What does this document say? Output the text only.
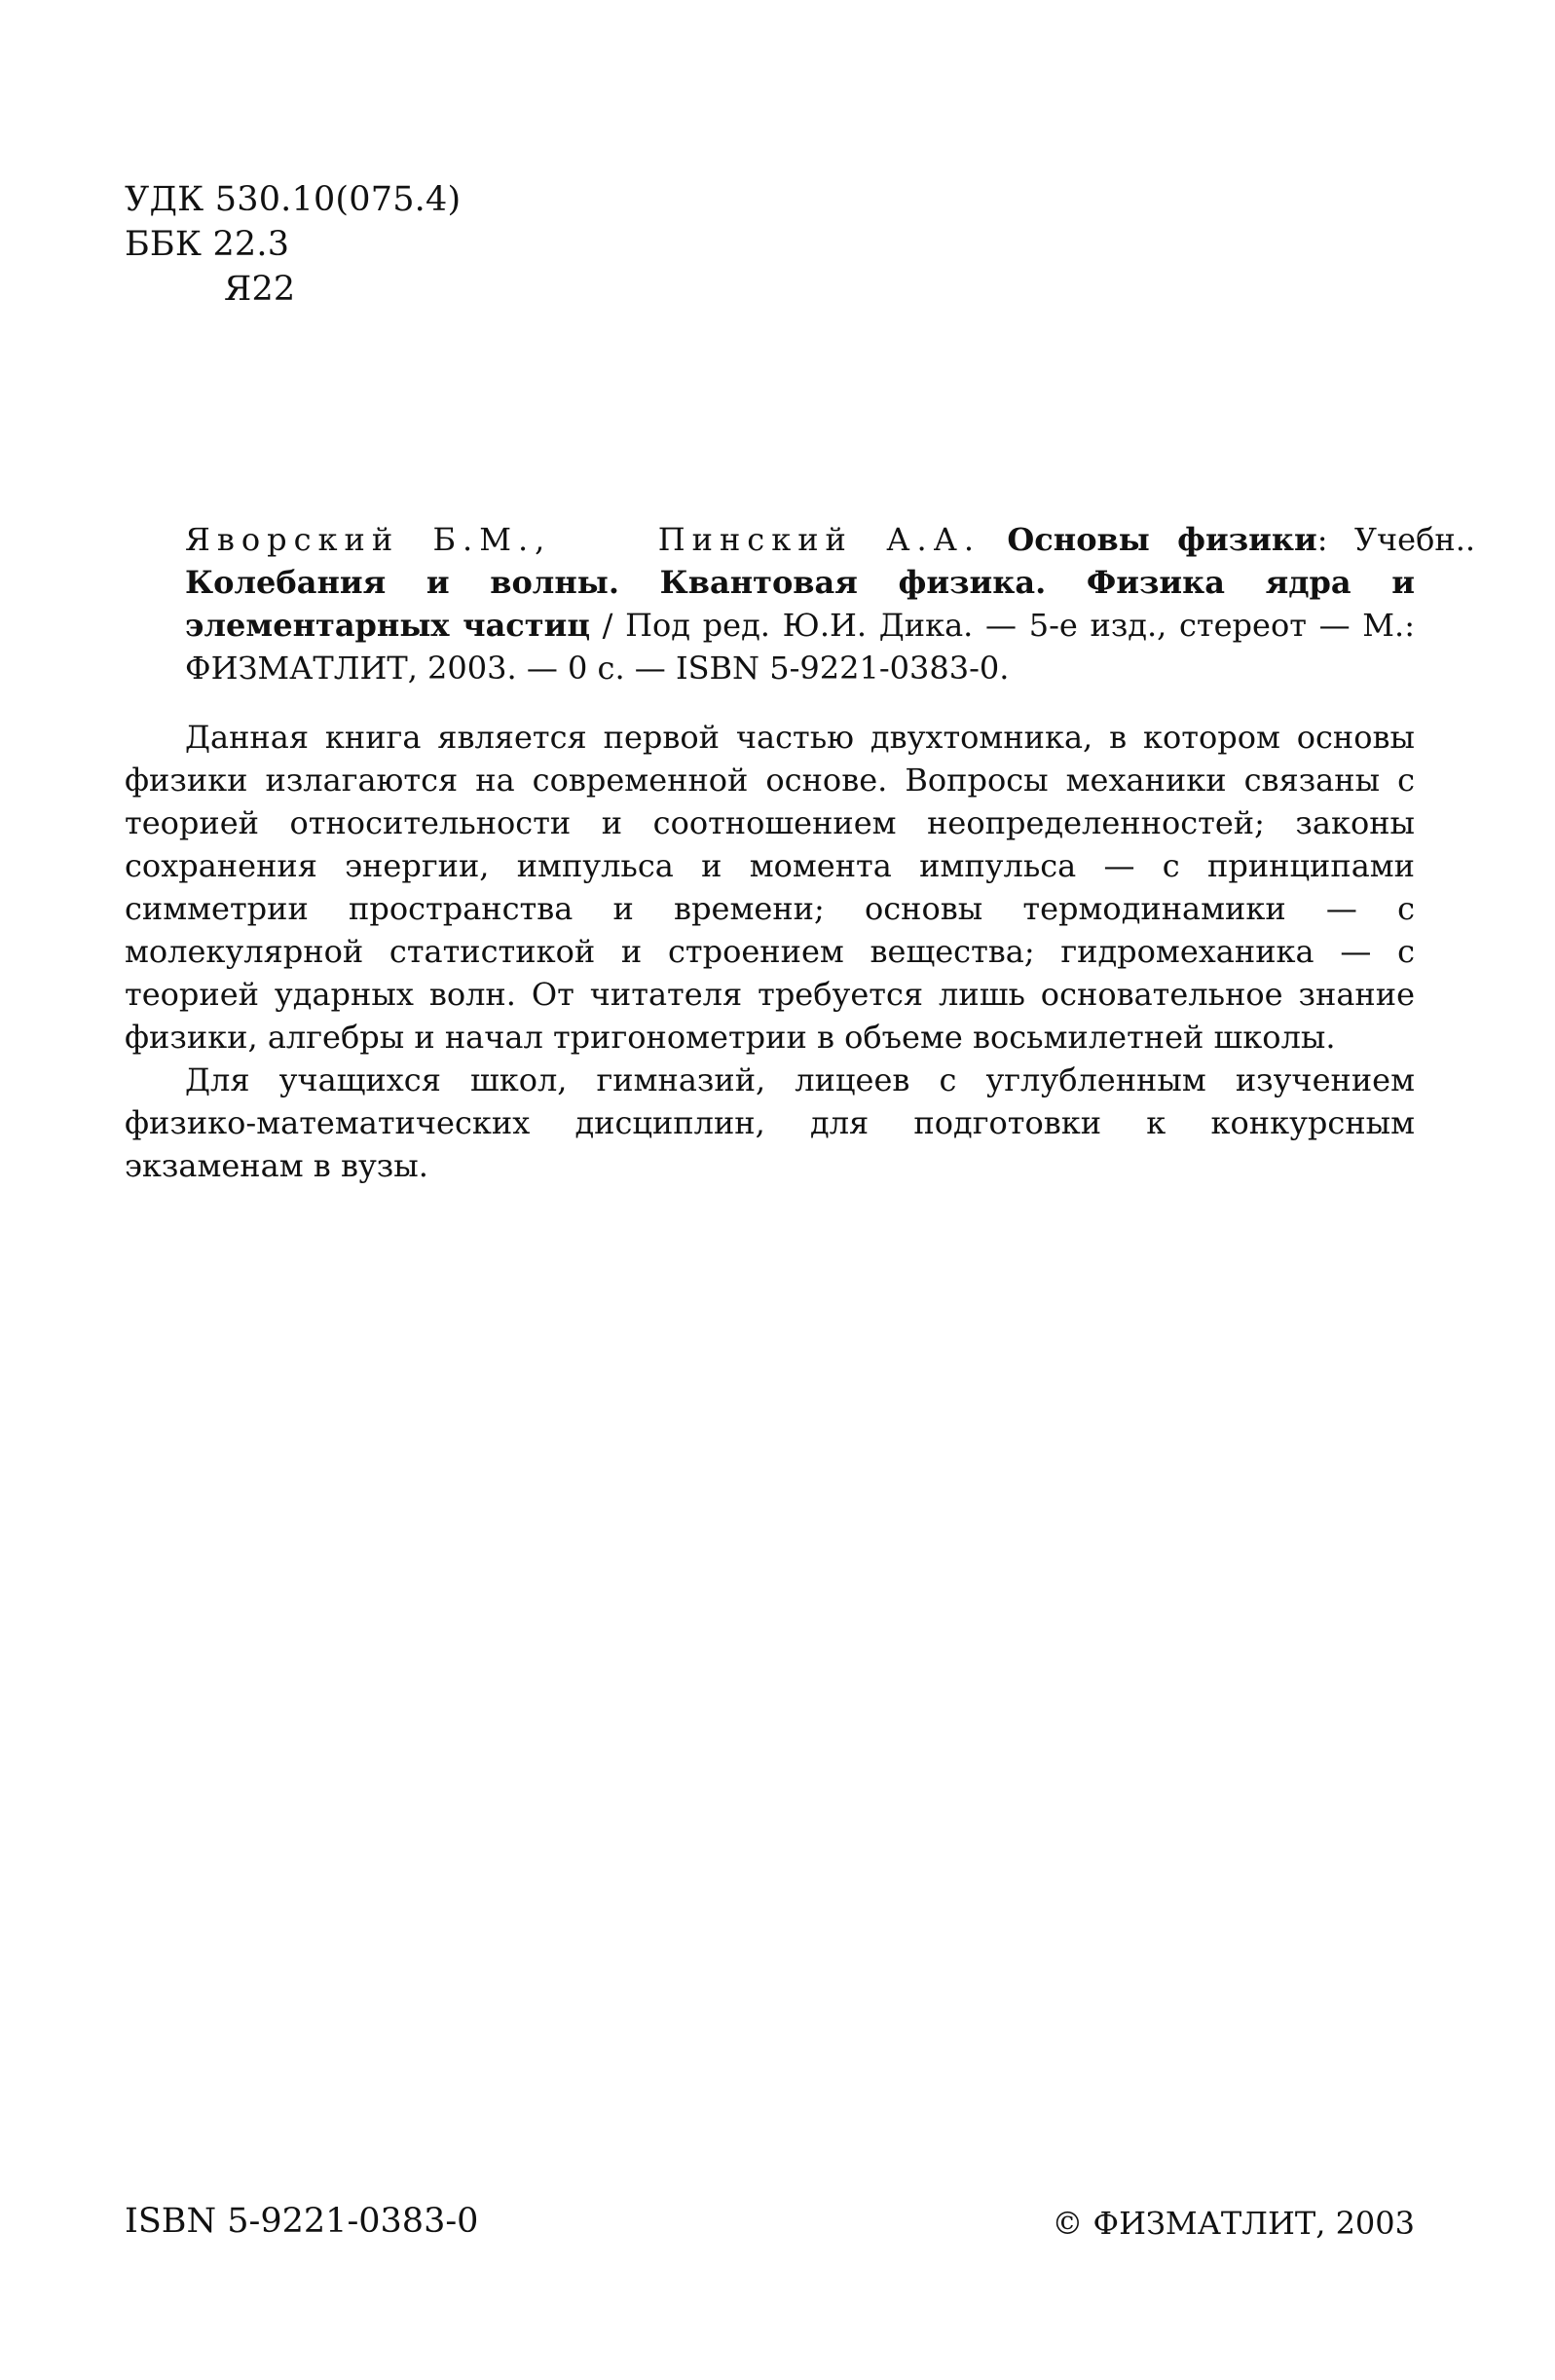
УДК 530.10(075.4)
ББК 22.3
Я22
Яворский Б.М.,	Пинский А.А. Основы физики: Учебн.. Колебания и волны. Квантовая физика. Физика ядра и элементарных частиц / Под ред. Ю.И. Дика. — 5-е изд., стереот — М.: ФИЗМАТЛИТ, 2003. — 0 с. — ISBN 5-9221-0383-0.

Данная книга является первой частью двухтомника, в котором основы физики излагаются на современной основе. Вопросы механики связаны с теорией относительности и соотношением неопределенностей; законы сохранения энергии, импульса и момента импульса — с принципами симметрии пространства и времени; основы термодинамики — с молекулярной статистикой и строением вещества; гидромеханика — с теорией ударных волн. От читателя требуется лишь основательное знание физики, алгебры и начал тригонометрии в объеме восьмилетней школы.

Для учащихся школ, гимназий, лицеев с углубленным изучением физико-математических дисциплин, для подготовки к конкурсным экзаменам в вузы.

ISBN 5-9221-0383-0	© ФИЗМАТЛИТ, 2003
